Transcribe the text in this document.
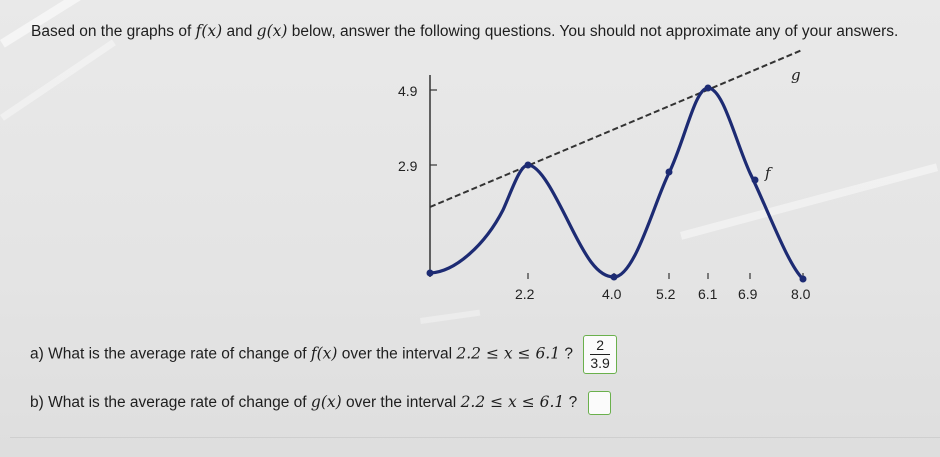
Based on the graphs of f(x) and g(x) below, answer the following questions. You should not approximate any of your answers.
4.9
2.9
2.2	4.0 5.2 6.1 6.9 8.0
g
f
a) What is the average rate of change of f(x) over the interval 2.2 ≤ x ≤ 6.1 ? $\frac{2}{3.9}$
b) What is the average rate of change of g(x) over the interval 2.2 ≤ x ≤ 6.1 ?
